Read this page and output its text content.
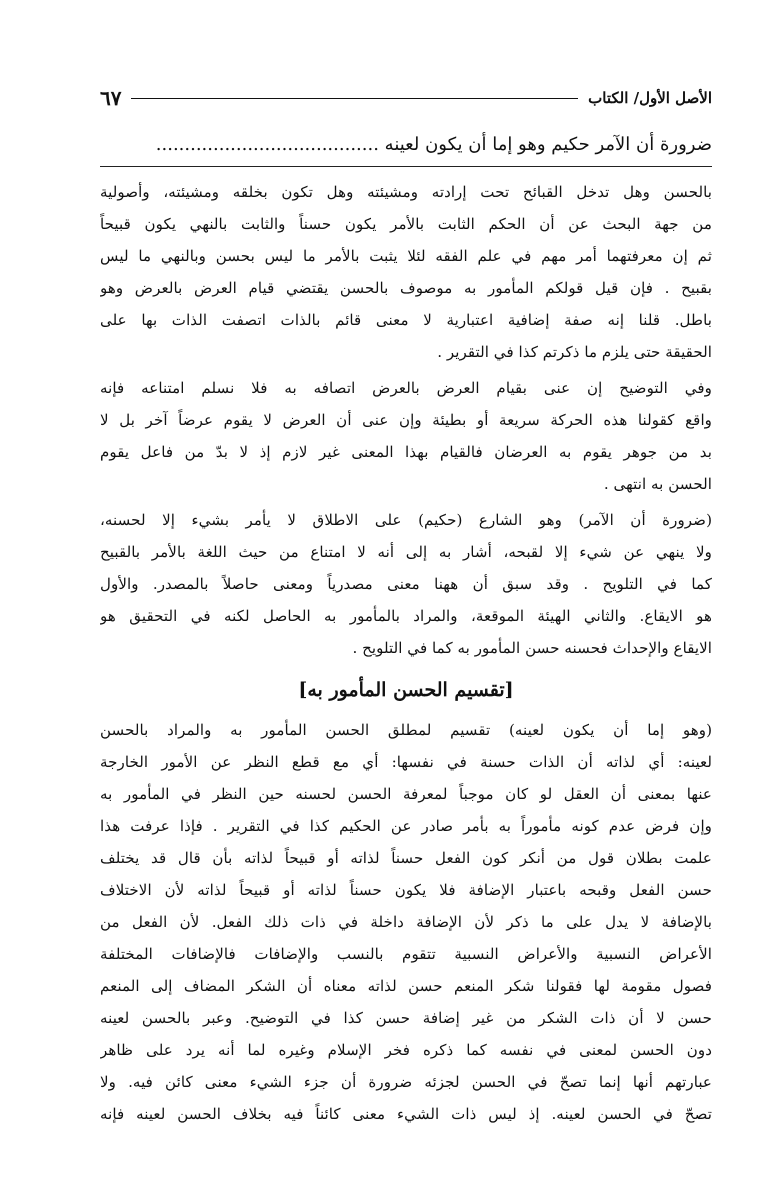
الأصل الأول/ الكتاب
٦٧
ضرورة أن الآمر حكيم وهو إما أن يكون لعينه .......................................
بالحسن وهل تدخل القبائح تحت إرادته ومشيئته وهل تكون بخلقه ومشيئته، وأصولية
من جهة البحث عن أن الحكم الثابت بالأمر يكون حسناً والثابت بالنهي يكون قبيحاً
ثم إن معرفتهما أمر مهم في علم الفقه لئلا يثبت بالأمر ما ليس بحسن وبالنهي ما ليس
بقبيح . فإن قيل قولكم المأمور به موصوف بالحسن يقتضي قيام العرض بالعرض وهو
باطل. قلنا إنه صفة إضافية اعتبارية لا معنى قائم بالذات اتصفت الذات بها على
الحقيقة حتى يلزم ما ذكرتم كذا في التقرير .
وفي التوضيح إن عنى بقيام العرض بالعرض اتصافه به فلا نسلم امتناعه فإنه
واقع كقولنا هذه الحركة سريعة أو بطيئة وإن عنى أن العرض لا يقوم عرضاً آخر بل لا
بد من جوهر يقوم به العرضان فالقيام بهذا المعنى غير لازم إذ لا بدّ من فاعل يقوم
الحسن به انتهى .
(ضرورة أن الآمر) وهو الشارع (حكيم) على الاطلاق لا يأمر بشيء إلا لحسنه،
ولا ينهي عن شيء إلا لقبحه، أشار به إلى أنه لا امتناع من حيث اللغة بالأمر بالقبيح
كما في التلويح . وقد سبق أن ههنا معنى مصدرياً ومعنى حاصلاً بالمصدر. والأول
هو الايقاع. والثاني الهيئة الموقعة، والمراد بالمأمور به الحاصل لكنه في التحقيق هو
الايقاع والإحداث فحسنه حسن المأمور به كما في التلويح .
[تقسيم الحسن المأمور به]
(وهو إما أن يكون لعينه) تقسيم لمطلق الحسن المأمور به والمراد بالحسن
لعينه: أي لذاته أن الذات حسنة في نفسها: أي مع قطع النظر عن الأمور الخارجة
عنها بمعنى أن العقل لو كان موجباً لمعرفة الحسن لحسنه حين النظر في المأمور به
وإن فرض عدم كونه مأموراً به بأمر صادر عن الحكيم كذا في التقرير . فإذا عرفت هذا
علمت بطلان قول من أنكر كون الفعل حسناً لذاته أو قبيحاً لذاته بأن قال قد يختلف
حسن الفعل وقبحه باعتبار الإضافة فلا يكون حسناً لذاته أو قبيحاً لذاته لأن الاختلاف
بالإضافة لا يدل على ما ذكر لأن الإضافة داخلة في ذات ذلك الفعل. لأن الفعل من
الأعراض النسبية والأعراض النسبية تتقوم بالنسب والإضافات فالإضافات المختلفة
فصول مقومة لها فقولنا شكر المنعم حسن لذاته معناه أن الشكر المضاف إلى المنعم
حسن لا أن ذات الشكر من غير إضافة حسن كذا في التوضيح. وعبر بالحسن لعينه
دون الحسن لمعنى في نفسه كما ذكره فخر الإسلام وغيره لما أنه يرد على ظاهر
عبارتهم أنها إنما تصحّ في الحسن لجزئه ضرورة أن جزء الشيء معنى كائن فيه. ولا
تصحّ في الحسن لعينه. إذ ليس ذات الشيء معنى كائناً فيه بخلاف الحسن لعينه فإنه
